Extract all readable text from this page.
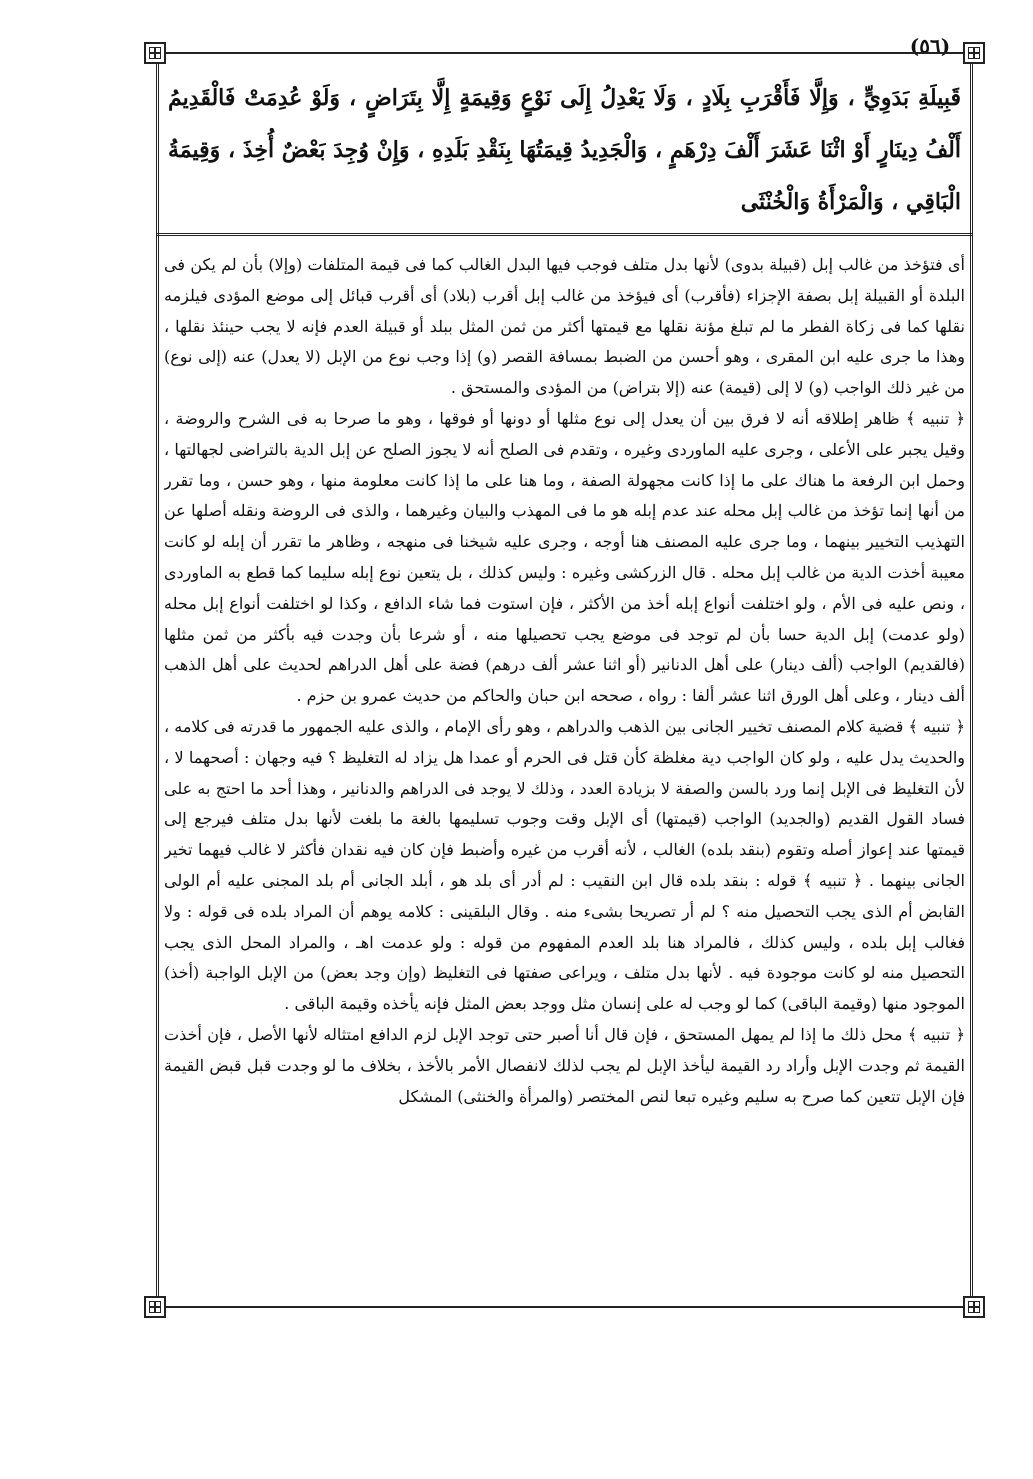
(٥٦)
قَبِيلَةِ بَدَوِيٍّ ، وَإِلَّا فَأَقْرَبِ بِلَادٍ ، وَلَا يَعْدِلُ إِلَى نَوْعٍ وَقِيمَةٍ إِلَّا بِتَرَاضٍ ، وَلَوْ عُدِمَتْ فَالْقَدِيمُ أَلْفُ دِينَارٍ أَوْ اثْنَا عَشَرَ أَلْفَ دِرْهَمٍ ، وَالْجَدِيدُ قِيمَتُهَا بِنَقْدِ بَلَدِهِ ، وَإِنْ وُجِدَ بَعْضٌ أُخِذَ ، وَقِيمَةُ الْبَاقِي ، وَالْمَرْأَةُ وَالْخُنْثَى

أى فتؤخذ من غالب إبل (قبيلة بدوى) لأنها بدل متلف فوجب فيها البدل الغالب كما فى قيمة المتلفات (وإلا) بأن لم يكن فى البلدة أو القبيلة إبل بصفة الإجزاء (فأقرب) أى فيؤخذ من غالب إبل أقرب (بلاد) أى أقرب قبائل إلى موضع المؤدى فيلزمه نقلها كما فى زكاة الفطر ما لم تبلغ مؤنة نقلها مع قيمتها أكثر من ثمن المثل ببلد أو قبيلة العدم فإنه لا يجب حينئذ نقلها ، وهذا ما جرى عليه ابن المقرى ، وهو أحسن من الضبط بمسافة القصر (و) إذا وجب نوع من الإبل (لا يعدل) عنه (إلى نوع) من غير ذلك الواجب (و) لا إلى (قيمة) عنه (إلا بتراض) من المؤدى والمستحق .

﴿ تنبيه ﴾ ظاهر إطلاقه أنه لا فرق بين أن يعدل إلى نوع مثلها أو دونها أو فوقها ، وهو ما صرحا به فى الشرح والروضة ، وقيل يجبر على الأعلى ، وجرى عليه الماوردى وغيره ، وتقدم فى الصلح أنه لا يجوز الصلح عن إبل الدية بالتراضى لجهالتها ، وحمل ابن الرفعة ما هناك على ما إذا كانت مجهولة الصفة ، وما هنا على ما إذا كانت معلومة منها ، وهو حسن ، وما تقرر من أنها إنما تؤخذ من غالب إبل محله عند عدم إبله هو ما فى المهذب والبيان وغيرهما ، والذى فى الروضة ونقله أصلها عن التهذيب التخيير بينهما ، وما جرى عليه المصنف هنا أوجه ، وجرى عليه شيخنا فى منهجه ، وظاهر ما تقرر أن إبله لو كانت معيبة أخذت الدية من غالب إبل محله . قال الزركشى وغيره : وليس كذلك ، بل يتعين نوع إبله سليما كما قطع به الماوردى ، ونص عليه فى الأم ، ولو اختلفت أنواع إبله أخذ من الأكثر ، فإن استوت فما شاء الدافع ، وكذا لو اختلفت أنواع إبل محله (ولو عدمت) إبل الدية حسا بأن لم توجد فى موضع يجب تحصيلها منه ، أو شرعا بأن وجدت فيه بأكثر من ثمن مثلها (فالقديم) الواجب (ألف دينار) على أهل الدنانير (أو اثنا عشر ألف درهم) فضة على أهل الدراهم لحديث على أهل الذهب ألف دينار ، وعلى أهل الورق اثنا عشر ألفا : رواه ، صححه ابن حبان والحاكم من حديث عمرو بن حزم .

﴿ تنبيه ﴾ قضية كلام المصنف تخيير الجانى بين الذهب والدراهم ، وهو رأى الإمام ، والذى عليه الجمهور ما قدرته فى كلامه ، والحديث يدل عليه ، ولو كان الواجب دية مغلظة كأن قتل فى الحرم أو عمدا هل يزاد له التغليظ ؟ فيه وجهان : أصحهما لا ، لأن التغليظ فى الإبل إنما ورد بالسن والصفة لا بزيادة العدد ، وذلك لا يوجد فى الدراهم والدنانير ، وهذا أحد ما احتج به على فساد القول القديم (والجديد) الواجب (قيمتها) أى الإبل وقت وجوب تسليمها بالغة ما بلغت لأنها بدل متلف فيرجع إلى قيمتها عند إعواز أصله وتقوم (بنقد بلده) الغالب ، لأنه أقرب من غيره وأضبط فإن كان فيه نقدان فأكثر لا غالب فيهما تخير الجانى بينهما . ﴿ تنبيه ﴾ قوله : بنقد بلده قال ابن النقيب : لم أدر أى بلد هو ، أبلد الجانى أم بلد المجنى عليه أم الولى القابض أم الذى يجب التحصيل منه ؟ لم أر تصريحا بشىء منه . وقال البلقينى : كلامه يوهم أن المراد بلده فى قوله : ولا فغالب إبل بلده ، وليس كذلك ، فالمراد هنا بلد العدم المفهوم من قوله : ولو عدمت اهـ ، والمراد المحل الذى يجب التحصيل منه لو كانت موجودة فيه . لأنها بدل متلف ، ويراعى صفتها فى التغليظ (وإن وجد بعض) من الإبل الواجبة (أخذ) الموجود منها (وقيمة الباقى) كما لو وجب له على إنسان مثل ووجد بعض المثل فإنه يأخذه وقيمة الباقى .

﴿ تنبيه ﴾ محل ذلك ما إذا لم يمهل المستحق ، فإن قال أنا أصبر حتى توجد الإبل لزم الدافع امتثاله لأنها الأصل ، فإن أخذت القيمة ثم وجدت الإبل وأراد رد القيمة ليأخذ الإبل لم يجب لذلك لانفصال الأمر بالأخذ ، بخلاف ما لو وجدت قبل قبض القيمة فإن الإبل تتعين كما صرح به سليم وغيره تبعا لنص المختصر (والمرأة والخنثى) المشكل
